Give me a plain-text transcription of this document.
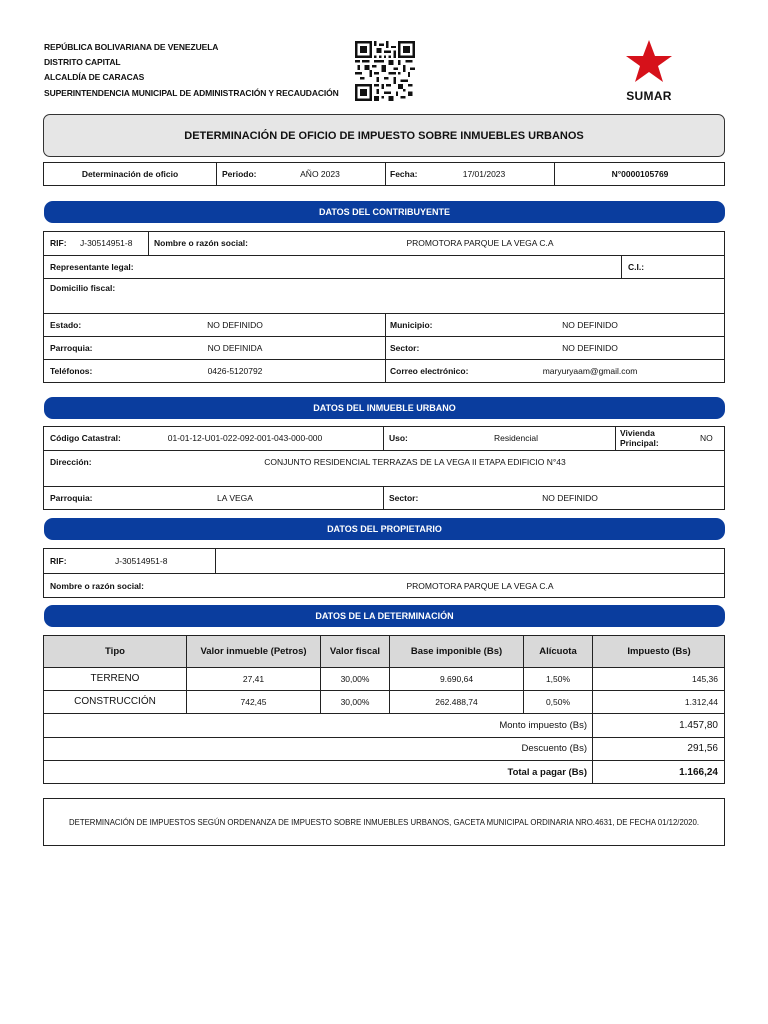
REPÚBLICA BOLIVARIANA DE VENEZUELA
DISTRITO CAPITAL
ALCALDÍA DE CARACAS
SUPERINTENDENCIA MUNICIPAL DE ADMINISTRACIÓN Y RECAUDACIÓN	SUMAR
DETERMINACIÓN DE OFICIO DE IMPUESTO SOBRE INMUEBLES URBANOS
Determinación de oficio	Periodo:	AÑO 2023	Fecha:	17/01/2023	N°0000105769
DATOS DEL CONTRIBUYENTE
RIF:	J-30514951-8	Nombre o razón social:	PROMOTORA PARQUE LA VEGA C.A
Representante legal:	C.I.:
Domicilio fiscal:
Estado:	NO DEFINIDO	Municipio:	NO DEFINIDO
Parroquia:	NO DEFINIDA	Sector:	NO DEFINIDO
Teléfonos:	0426-5120792	Correo electrónico:	maryuryaam@gmail.com
DATOS DEL INMUEBLE URBANO
Código Catastral:	01-01-12-U01-022-092-001-043-000-000	Uso:	Residencial	Vivienda Principal:	NO
Dirección:	CONJUNTO RESIDENCIAL TERRAZAS DE LA VEGA II ETAPA EDIFICIO N°43
Parroquia:	LA VEGA	Sector:	NO DEFINIDO
DATOS DEL PROPIETARIO
RIF:	J-30514951-8
Nombre o razón social:	PROMOTORA PARQUE LA VEGA C.A
DATOS DE LA DETERMINACIÓN
Tipo	Valor inmueble (Petros)	Valor fiscal	Base imponible (Bs)	Alícuota	Impuesto (Bs)
TERRENO	27,41	30,00%	9.690,64	1,50%	145,36
CONSTRUCCIÓN	742,45	30,00%	262.488,74	0,50%	1.312,44
Monto impuesto (Bs)	1.457,80
Descuento (Bs)	291,56
Total a pagar (Bs)	1.166,24
DETERMINACIÓN DE IMPUESTOS SEGÚN ORDENANZA DE IMPUESTO SOBRE INMUEBLES URBANOS, GACETA MUNICIPAL ORDINARIA NRO.4631, DE FECHA 01/12/2020.
